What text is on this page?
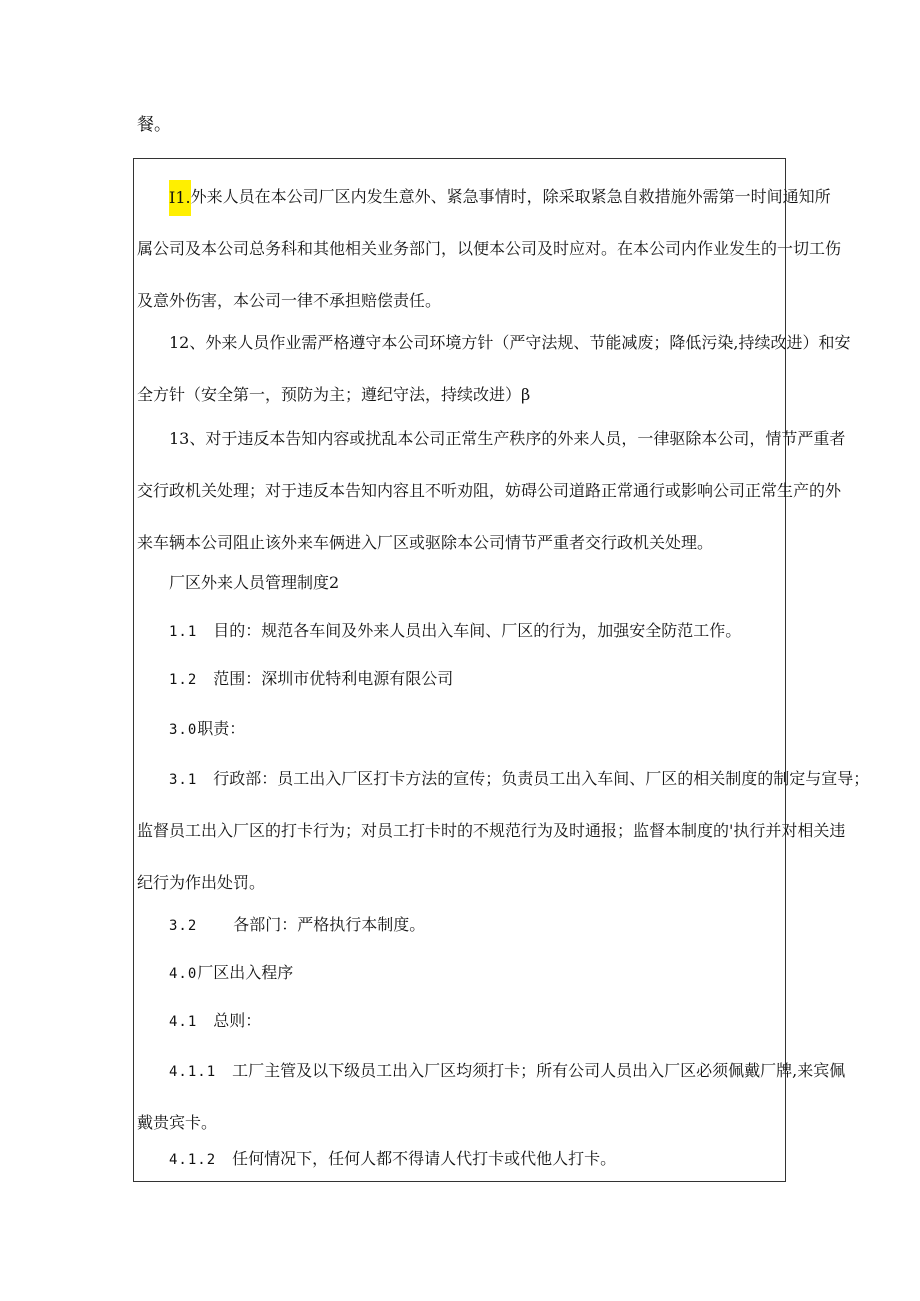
餐。

I1.外来人员在本公司厂区内发生意外、紧急事情时，除采取紧急自救措施外需第一时间通知所
属公司及本公司总务科和其他相关业务部门，以便本公司及时应对。在本公司内作业发生的一切工伤
及意外伤害，本公司一律不承担赔偿责任。
12、外来人员作业需严格遵守本公司环境方针（严守法规、节能减废；降低污染,持续改进）和安
全方针（安全第一，预防为主；遵纪守法，持续改进）β
13、对于违反本告知内容或扰乱本公司正常生产秩序的外来人员，一律驱除本公司，情节严重者
交行政机关处理；对于违反本告知内容且不听劝阻，妨碍公司道路正常通行或影响公司正常生产的外
来车辆本公司阻止该外来车俩进入厂区或驱除本公司情节严重者交行政机关处理。
厂区外来人员管理制度2
1.1 目的：规范各车间及外来人员出入车间、厂区的行为，加强安全防范工作。
1.2 范围：深圳市优特利电源有限公司
3.0职责：
3.1 行政部：员工出入厂区打卡方法的宣传；负责员工出入车间、厂区的相关制度的制定与宣导；
监督员工出入厂区的打卡行为；对员工打卡时的不规范行为及时通报；监督本制度的'执行并对相关违
纪行为作出处罚。
3.2 各部门：严格执行本制度。
4.0厂区出入程序
4.1 总则：
4.1.1 工厂主管及以下级员工出入厂区均须打卡；所有公司人员出入厂区必须佩戴厂牌,来宾佩
戴贵宾卡。
4.1.2 任何情况下，任何人都不得请人代打卡或代他人打卡。
